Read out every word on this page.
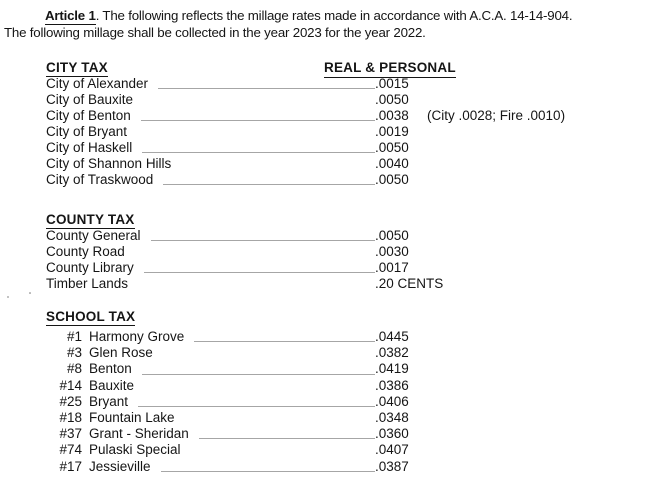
Article 1. The following reflects the millage rates made in accordance with A.C.A. 14-14-904.
The following millage shall be collected in the year 2023 for the year 2022.
CITY TAX	REAL & PERSONAL
City of Alexander	.0015
City of Bauxite	.0050
City of Benton	.0038	(City .0028; Fire .0010)
City of Bryant	.0019
City of Haskell	.0050
City of Shannon Hills	.0040
City of Traskwood	.0050
COUNTY TAX
County General	.0050
County Road	.0030
County Library	.0017
Timber Lands	.20 CENTS
SCHOOL TAX
#1 Harmony Grove	.0445
#3 Glen Rose	.0382
#8 Benton	.0419
#14 Bauxite	.0386
#25 Bryant	.0406
#18 Fountain Lake	.0348
#37 Grant - Sheridan	.0360
#74 Pulaski Special	.0407
#17 Jessieville	.0387
